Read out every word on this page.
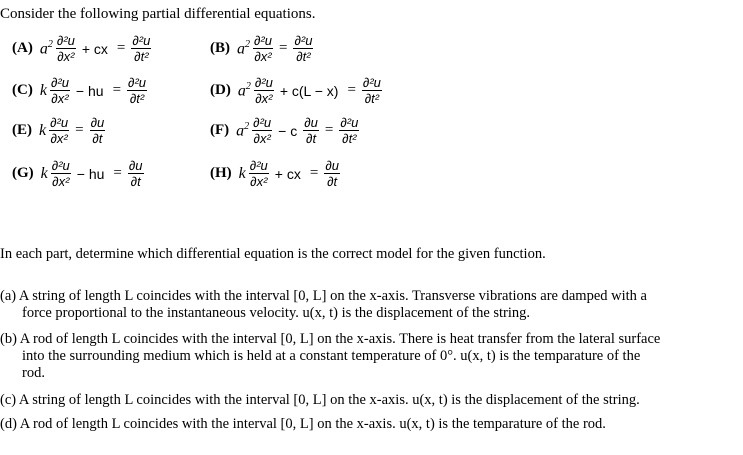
Consider the following partial differential equations.
(A) $a^2 \frac{\text{∂²u}}{\text{∂x²}}$ + cx = $\frac{\text{∂²u}}{\text{∂t²}}$	(B) $a^2 \frac{\text{∂²u}}{\text{∂x²}} = \frac{\text{∂²u}}{\text{∂t²}}$
(C) k $\frac{\text{∂²u}}{\text{∂x²}}$ − hu = $\frac{\text{∂²u}}{\text{∂t²}}$	(D) $a^2 \frac{\text{∂²u}}{\text{∂x²}} + c(L - x) = \frac{\text{∂²u}}{\text{∂t²}}$
(E) k $\frac{\text{∂²u}}{\text{∂x²}} = \frac{\partial u}{\partial t}$	(F) $a^2 \frac{\text{∂²u}}{\text{∂x²}} - c \frac{\partial u}{\partial t} = \frac{\text{∂²u}}{\text{∂t²}}$
(G) k $\frac{\text{∂²u}}{\text{∂x²}}$ − hu = $\frac{\partial u}{\partial t}$	(H) k $\frac{\text{∂²u}}{\text{∂x²}}$ + cx = $\frac{\partial u}{\partial t}$
In each part, determine which differential equation is the correct model for the given function.
(a) A string of length L coincides with the interval [0, L] on the x-axis. Transverse vibrations are damped with a
force proportional to the instantaneous velocity. u(x, t) is the displacement of the string.
(b) A rod of length L coincides with the interval [0, L] on the x-axis. There is heat transfer from the lateral surface
into the surrounding medium which is held at a constant temperature of 0°. u(x, t) is the temparature of the
rod.
(c) A string of length L coincides with the interval [0, L] on the x-axis. u(x, t) is the displacement of the string.
(d) A rod of length L coincides with the interval [0, L] on the x-axis. u(x, t) is the temparature of the rod.
